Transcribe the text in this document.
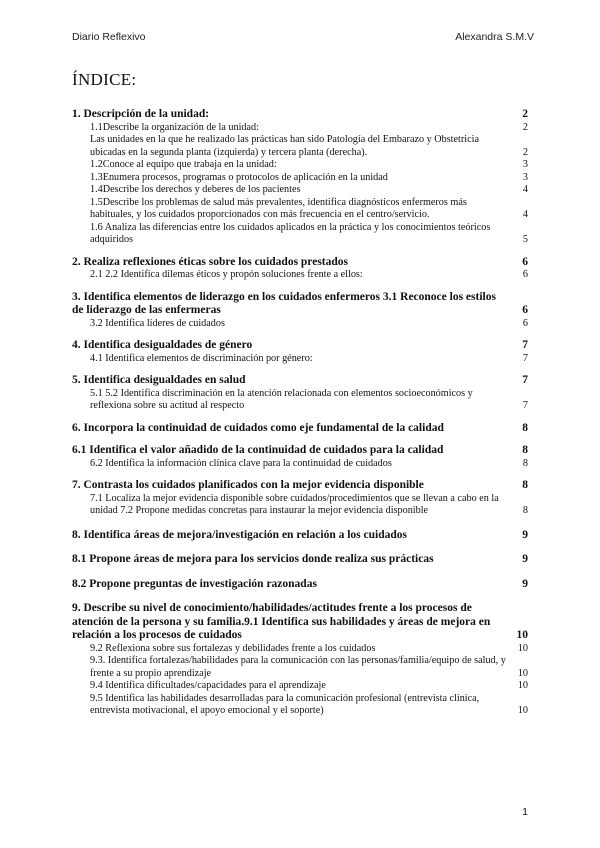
Diario Reflexivo	Alexandra S.M.V
ÍNDICE:
1. Descripción de la unidad:	2
1.1Describe la organización de la unidad:	2
Las unidades en la que he realizado las prácticas han sido Patología del Embarazo y Obstetricia ubicadas en la segunda planta (izquierda) y tercera planta (derecha).	2
1.2Conoce al equipo que trabaja en la unidad:	3
1.3Enumera procesos, programas o protocolos de aplicación en la unidad	3
1.4Describe los derechos y deberes de los pacientes	4
1.5Describe los problemas de salud más prevalentes, identifica diagnósticos enfermeros más habituales, y los cuidados proporcionados con más frecuencia en el centro/servicio.	4
1.6 Analiza las diferencias entre los cuidados aplicados en la práctica y los conocimientos teóricos adquiridos	5
2. Realiza reflexiones éticas sobre los cuidados prestados	6
2.1 2.2 Identifica dilemas éticos y propón soluciones frente a ellos:	6
3. Identifica elementos de liderazgo en los cuidados enfermeros 3.1 Reconoce los estilos de liderazgo de las enfermeras	6
3.2 Identifica líderes de cuidados	6
4. Identifica desigualdades de género	7
4.1 Identifica elementos de discriminación por género:	7
5. Identifica desigualdades en salud	7
5.1 5.2 Identifica discriminación en la atención relacionada con elementos socioeconómicos y reflexiona sobre su actitud al respecto	7
6. Incorpora la continuidad de cuidados como eje fundamental de la calidad	8
6.1 Identifica el valor añadido de la continuidad de cuidados para la calidad	8
6.2 Identifica la información clínica clave para la continuidad de cuidados	8
7. Contrasta los cuidados planificados con la mejor evidencia disponible	8
7.1 Localiza la mejor evidencia disponible sobre cuidados/procedimientos que se llevan a cabo en la unidad 7.2 Propone medidas concretas para instaurar la mejor evidencia disponible	8
8. Identifica áreas de mejora/investigación en relación a los cuidados	9
8.1 Propone áreas de mejora para los servicios donde realiza sus prácticas	9
8.2 Propone preguntas de investigación razonadas	9
9. Describe su nivel de conocimiento/habilidades/actitudes frente a los procesos de atención de la persona y su familia.9.1 Identifica sus habilidades y áreas de mejora en relación a los procesos de cuidados	10
9.2 Reflexiona sobre sus fortalezas y debilidades frente a los cuidados	10
9.3. Identifica fortalezas/habilidades para la comunicación con las personas/familia/equipo de salud, y frente a su propio aprendizaje	10
9.4 Identifica dificultades/capacidades para el aprendizaje	10
9.5 Identifica las habilidades desarrolladas para la comunicación profesional (entrevista clínica, entrevista motivacional, el apoyo emocional y el soporte)	10
1
